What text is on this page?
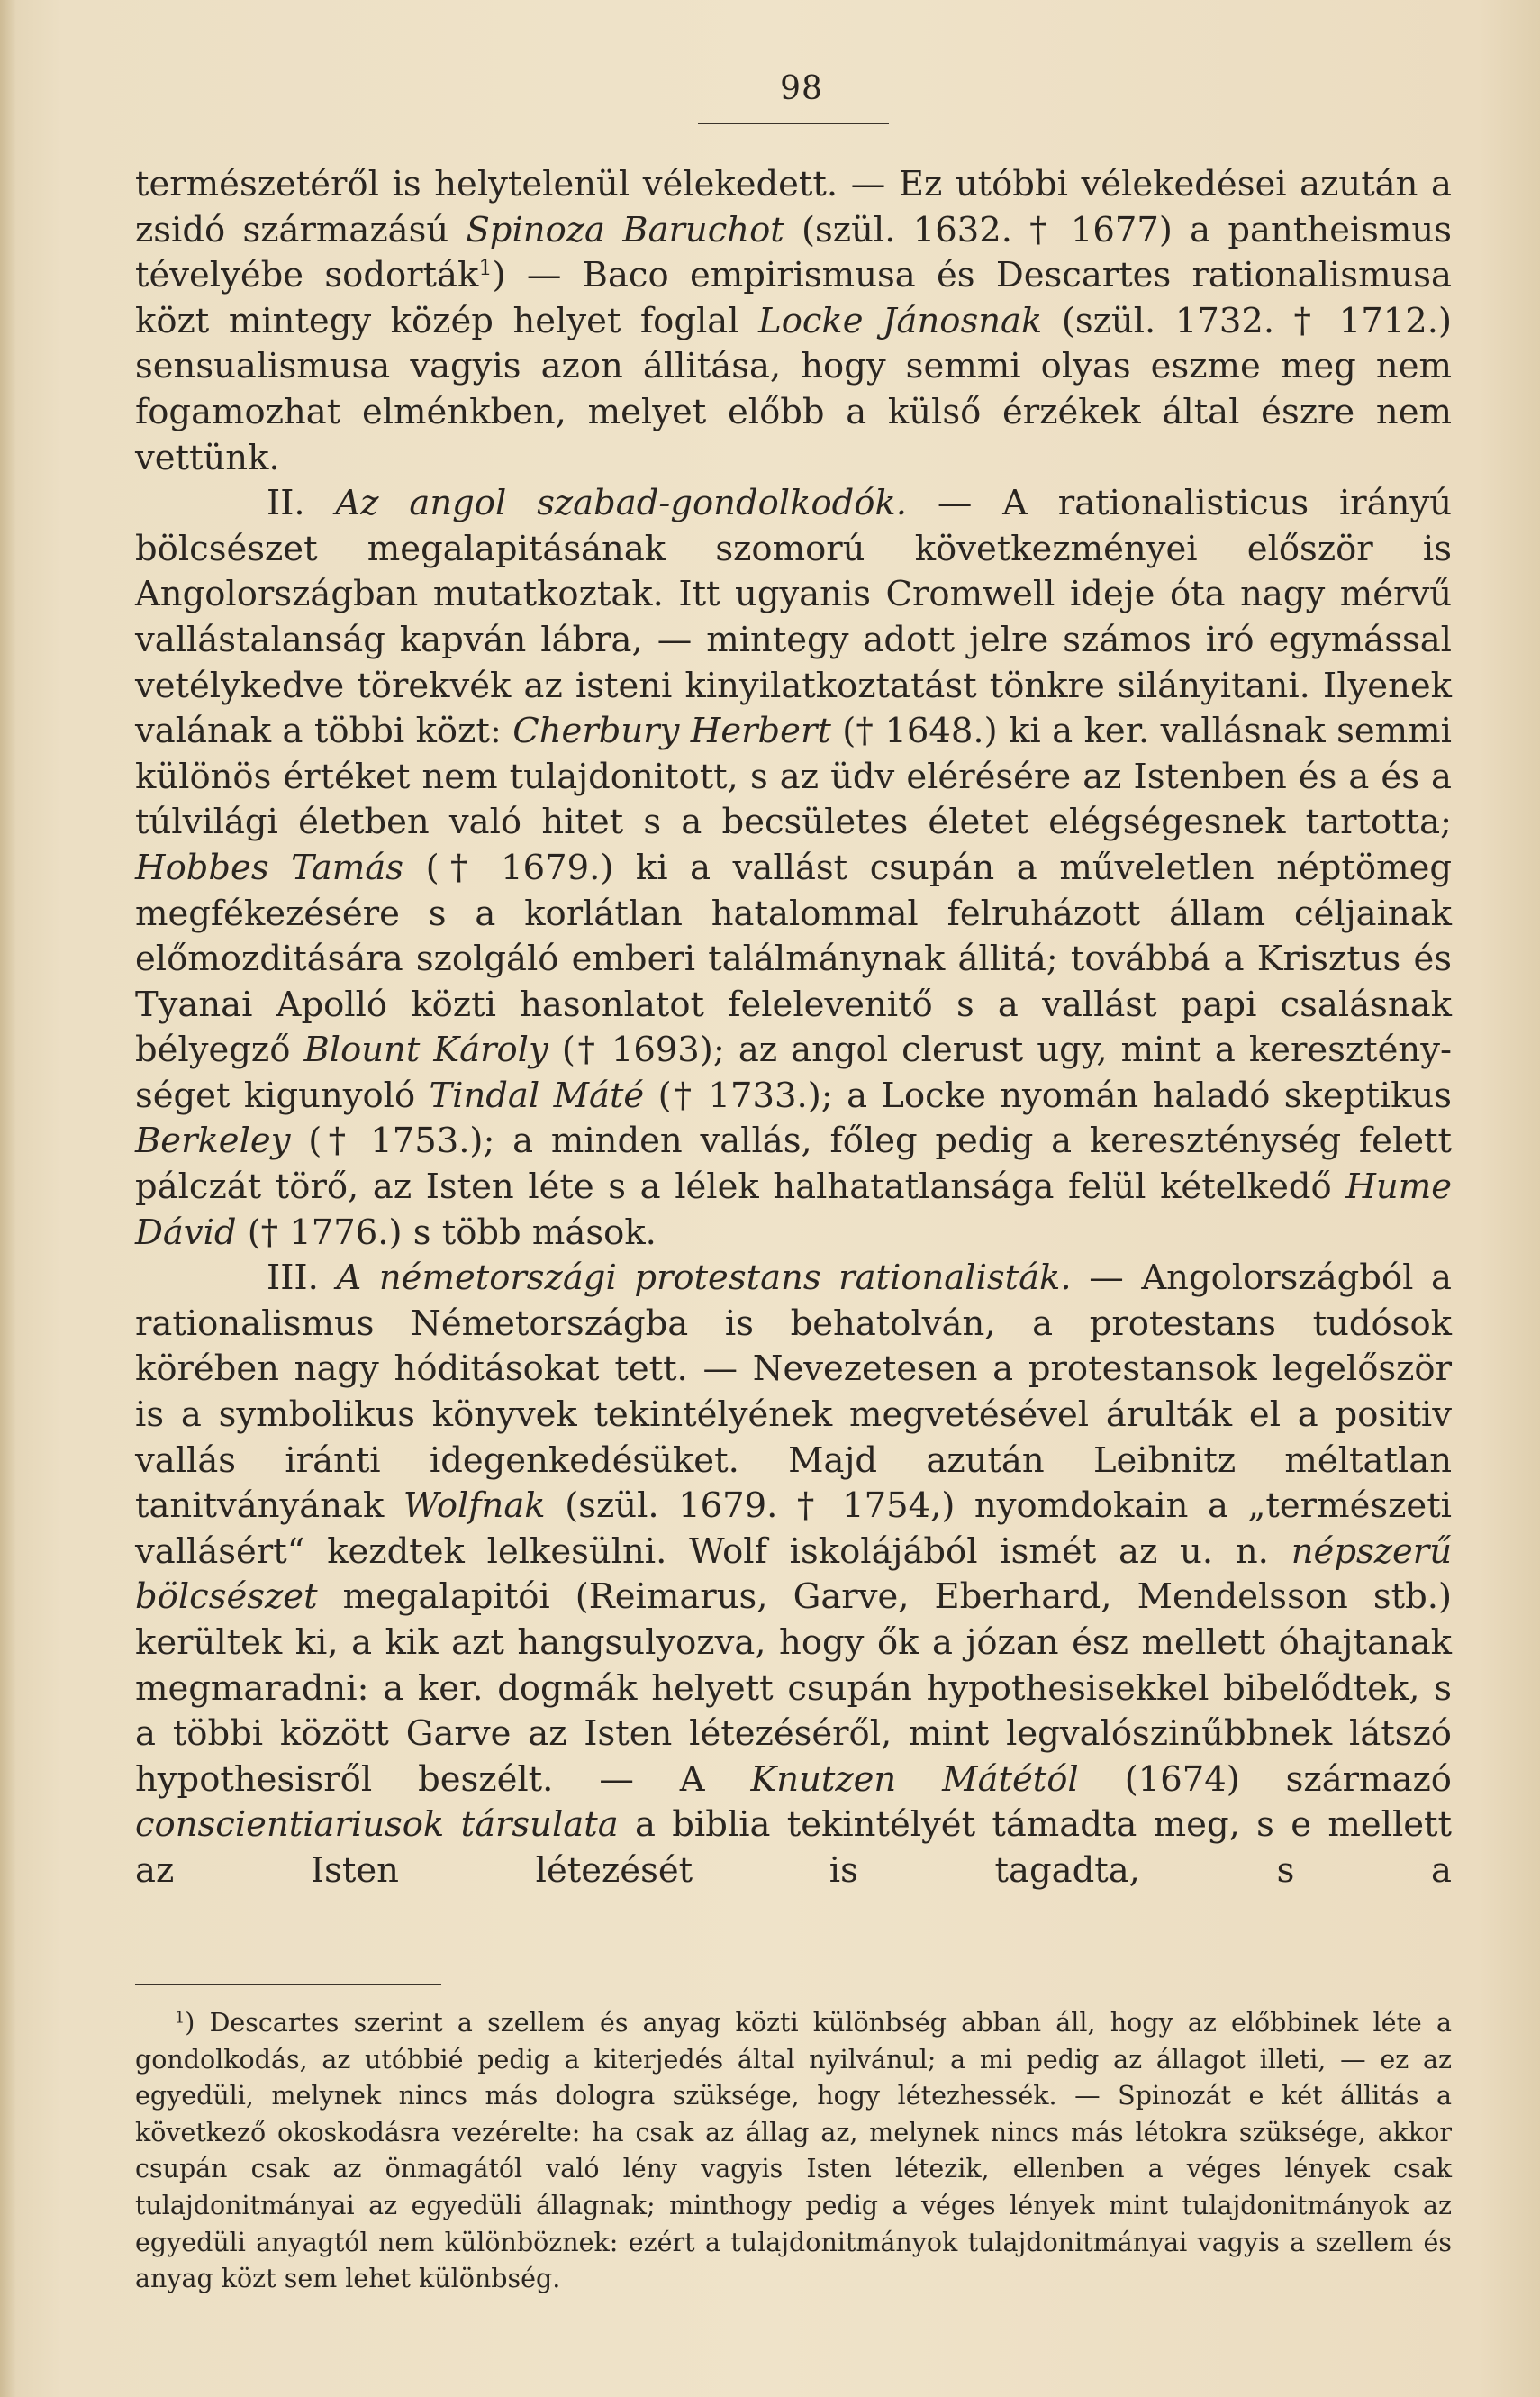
98

természetéről is helytelenül vélekedett. — Ez utóbbi vélekedései azután a zsidó származású Spinoza Baruchot (szül. 1632. † 1677) a pantheismus tévelyébe sodorták$^1$) — Baco empirismusa és Descartes rationalismusa közt mintegy közép helyet foglal Locke Jánosnak (szül. 1732. † 1712.) sensualismusa vagyis azon állitása, hogy semmi olyas eszme meg nem fogamozhat elménkben, melyet előbb a külső érzékek által észre nem vettünk.

II. Az angol szabad-gondolkodók. — A rationalisticus irányú bölcsészet megalapitásának szomorú következményei először is Angolországban mutatkoztak. Itt ugyanis Cromwell ideje óta nagy mérvű vallástalanság kapván lábra, — mintegy adott jelre számos iró egymással vetélykedve törekvék az isteni kinyilatkoztatást tönkre silányitani. Ilyenek valának a többi közt: Cherbury Herbert († 1648.) ki a ker. vallásnak semmi különös értéket nem tulajdonitott, s az üdv elérésére az Istenben és a és a túlvilági életben való hitet s a becsületes életet elégségesnek tartotta; Hobbes Tamás († 1679.) ki a vallást csupán a műveletlen néptömeg megfékezésére s a korlátlan hatalommal felruházott állam céljainak előmozditására szolgáló emberi találmánynak állitá; továbbá a Krisztus és Tyanai Apolló közti hasonlatot felelevenitő s a vallást papi csalásnak bélyegző Blount Károly († 1693); az angol clerust ugy, mint a kereszténységet kigunyoló Tindal Máté († 1733.); a Locke nyomán haladó skeptikus Berkeley († 1753.); a minden vallás, főleg pedig a kereszténység felett pálczát törő, az Isten léte s a lélek halhatatlansága felül kételkedő Hume Dávid († 1776.) s több mások.

III. A németországi protestans rationalisták. — Angolországból a rationalismus Németországba is behatolván, a protestans tudósok körében nagy hóditásokat tett. — Nevezetesen a protestansok legelőször is a symbolikus könyvek tekintélyének megvetésével árulták el a positiv vallás iránti idegenkedésüket. Majd azután Leibnitz méltatlan tanitványának Wolfnak (szül. 1679. † 1754,) nyomdokain a „természeti vallásért“ kezdtek lelkesülni. Wolf iskolájából ismét az u. n. népszerű bölcsészet megalapitói (Reimarus, Garve, Eberhard, Mendelsson stb.) kerültek ki, a kik azt hangsulyozva, hogy ők a józan ész mellett óhajtanak megmaradni: a ker. dogmák helyett csupán hypothesisekkel bibelődtek, s a többi között Garve az Isten létezéséről, mint legvalószinűbbnek látszó hypothesisről beszélt. — A Knutzen Mátétól (1674) származó conscientiariusok társulata a biblia tekintélyét támadta meg, s e mellett az Isten létezését is tagadta, s a

$^1$) Descartes szerint a szellem és anyag közti különbség abban áll, hogy az előbbinek léte a gondolkodás, az utóbbié pedig a kiterjedés által nyilvánul; a mi pedig az állagot illeti, — ez az egyedüli, melynek nincs más dologra szüksége, hogy létezhessék. — Spinozát e két állitás a következő okoskodásra vezérelte: ha csak az állag az, melynek nincs más létokra szüksége, akkor csupán csak az önmagától való lény vagyis Isten létezik, ellenben a véges lények csak tulajdonitmányai az egyedüli állagnak; minthogy pedig a véges lények mint tulajdonitmányok az egyedüli anyagtól nem különböznek: ezért a tulajdonitmányok tulajdonitmányai vagyis a szellem és anyag közt sem lehet különbség.
